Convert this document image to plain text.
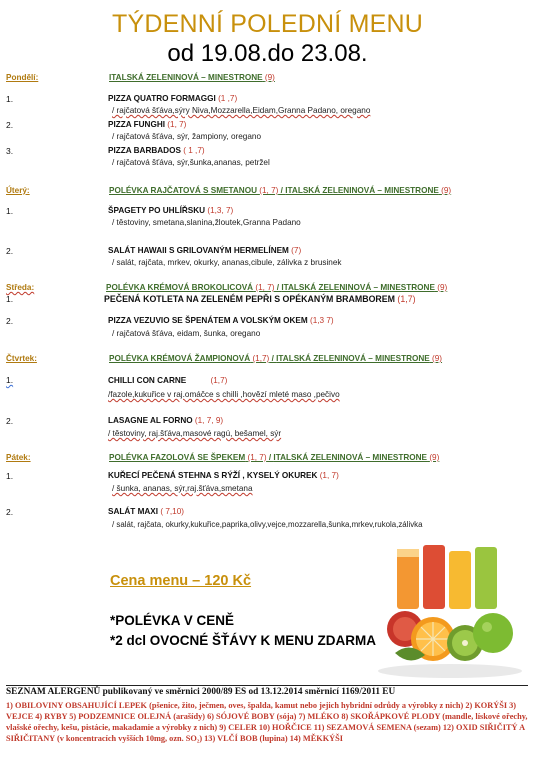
TÝDENNÍ POLEDNÍ MENU
od 19.08.do 23.08.
Pondělí:	ITALSKÁ ZELENINOVÁ – MINESTRONE (9)
1.	PIZZA QUATRO FORMAGGI (1 ,7)
/ rajčatová šťáva,sýry Niva,Mozzarella,Eidam,Granna Padano, oregano
2.	PIZZA FUNGHI (1, 7)
/ rajčatová šťáva, sýr, žampiony, oregano
3.	PIZZA BARBADOS ( 1 ,7)
/ rajčatová šťáva, sýr,šunka,ananas, petržel
Úterý:	POLÉVKA RAJČATOVÁ S SMETANOU (1, 7) / ITALSKÁ ZELENINOVÁ – MINESTRONE (9)
1.	ŠPAGETY PO UHLÍŘSKU (1,3, 7)
/ těstoviny, smetana,slanina,žloutek,Granna Padano
2.	SALÁT HAWAII S GRILOVANÝM HERMELÍNEM (7)
/ salát, rajčata, mrkev, okurky, ananas,cibule, zálivka z brusinek
Středa:	POLÉVKA KRÉMOVÁ BROKOLICOVÁ (1, 7) / ITALSKÁ ZELENINOVÁ – MINESTRONE (9)
1.	PEČENÁ KOTLETA NA ZELENÉM PEPŘI S OPÉKANÝM BRAMBOREM (1,7)
2.	PIZZA VEZUVIO SE ŠPENÁTEM A VOLSKÝM OKEM (1,3 7)
/ rajčatová šťáva, eidam, šunka, oregano
Čtvrtek:	POLÉVKA KRÉMOVÁ ŽAMPIONOVÁ (1,7) / ITALSKÁ ZELENINOVÁ – MINESTRONE (9)
1.	CHILLI CON CARNE	(1,7)
/fazole,kukuřice v raj.omáčce s chilli ,hovězí mleté maso ,pečivo
2.	LASAGNE AL FORNO (1, 7, 9)
/ těstoviny, raj.šťáva,masové ragú, bešamel, sýr
Pátek:	POLÉVKA FAZOLOVÁ SE ŠPEKEM (1, 7) / ITALSKÁ ZELENINOVÁ – MINESTRONE (9)
1.	KUŘECÍ PEČENÁ STEHNA S RÝŽÍ , KYSELÝ OKUREK (1, 7)
/ šunka, ananas, sýr,raj.šťáva,smetana
2.	SALÁT MAXI ( 7,10)
/ salát, rajčata, okurky,kukuřice,paprika,olivy,vejce,mozzarella,šunka,mrkev,rukola,zálivka
Cena menu – 120 Kč
*POLÉVKA V CENĚ
*2 dcl OVOCNÉ ŠŤÁVY K MENU ZDARMA
SEZNAM ALERGENŮ publikovaný ve směrnici 2000/89 ES od 13.12.2014 směrnicí 1169/2011 EU
1) OBILOVINY OBSAHUJÍCÍ LEPEK (pšenice, žito, ječmen, oves, špalda, kamut nebo jejich hybridní odrůdy a výrobky z nich) 2) KORÝŠI 3) VEJCE 4) RYBY 5) PODZEMNICE OLEJNÁ (arašídy) 6) SÓJOVÉ BOBY (sója) 7) MLÉKO 8) SKOŘÁPKOVÉ PLODY (mandle, lískové ořechy, vlašské ořechy, kešu, pistácie, makadamie a výrobky z nich) 9) CELER 10) HOŘČICE 11) SEZAMOVÁ SEMENA (sezam) 12) OXID SIŘIČITÝ A SIŘIČITANY (v koncentracích vyšších 10mg, ozn. SO₂) 13) VLČÍ BOB (lupina) 14) MĚKKÝŠI
